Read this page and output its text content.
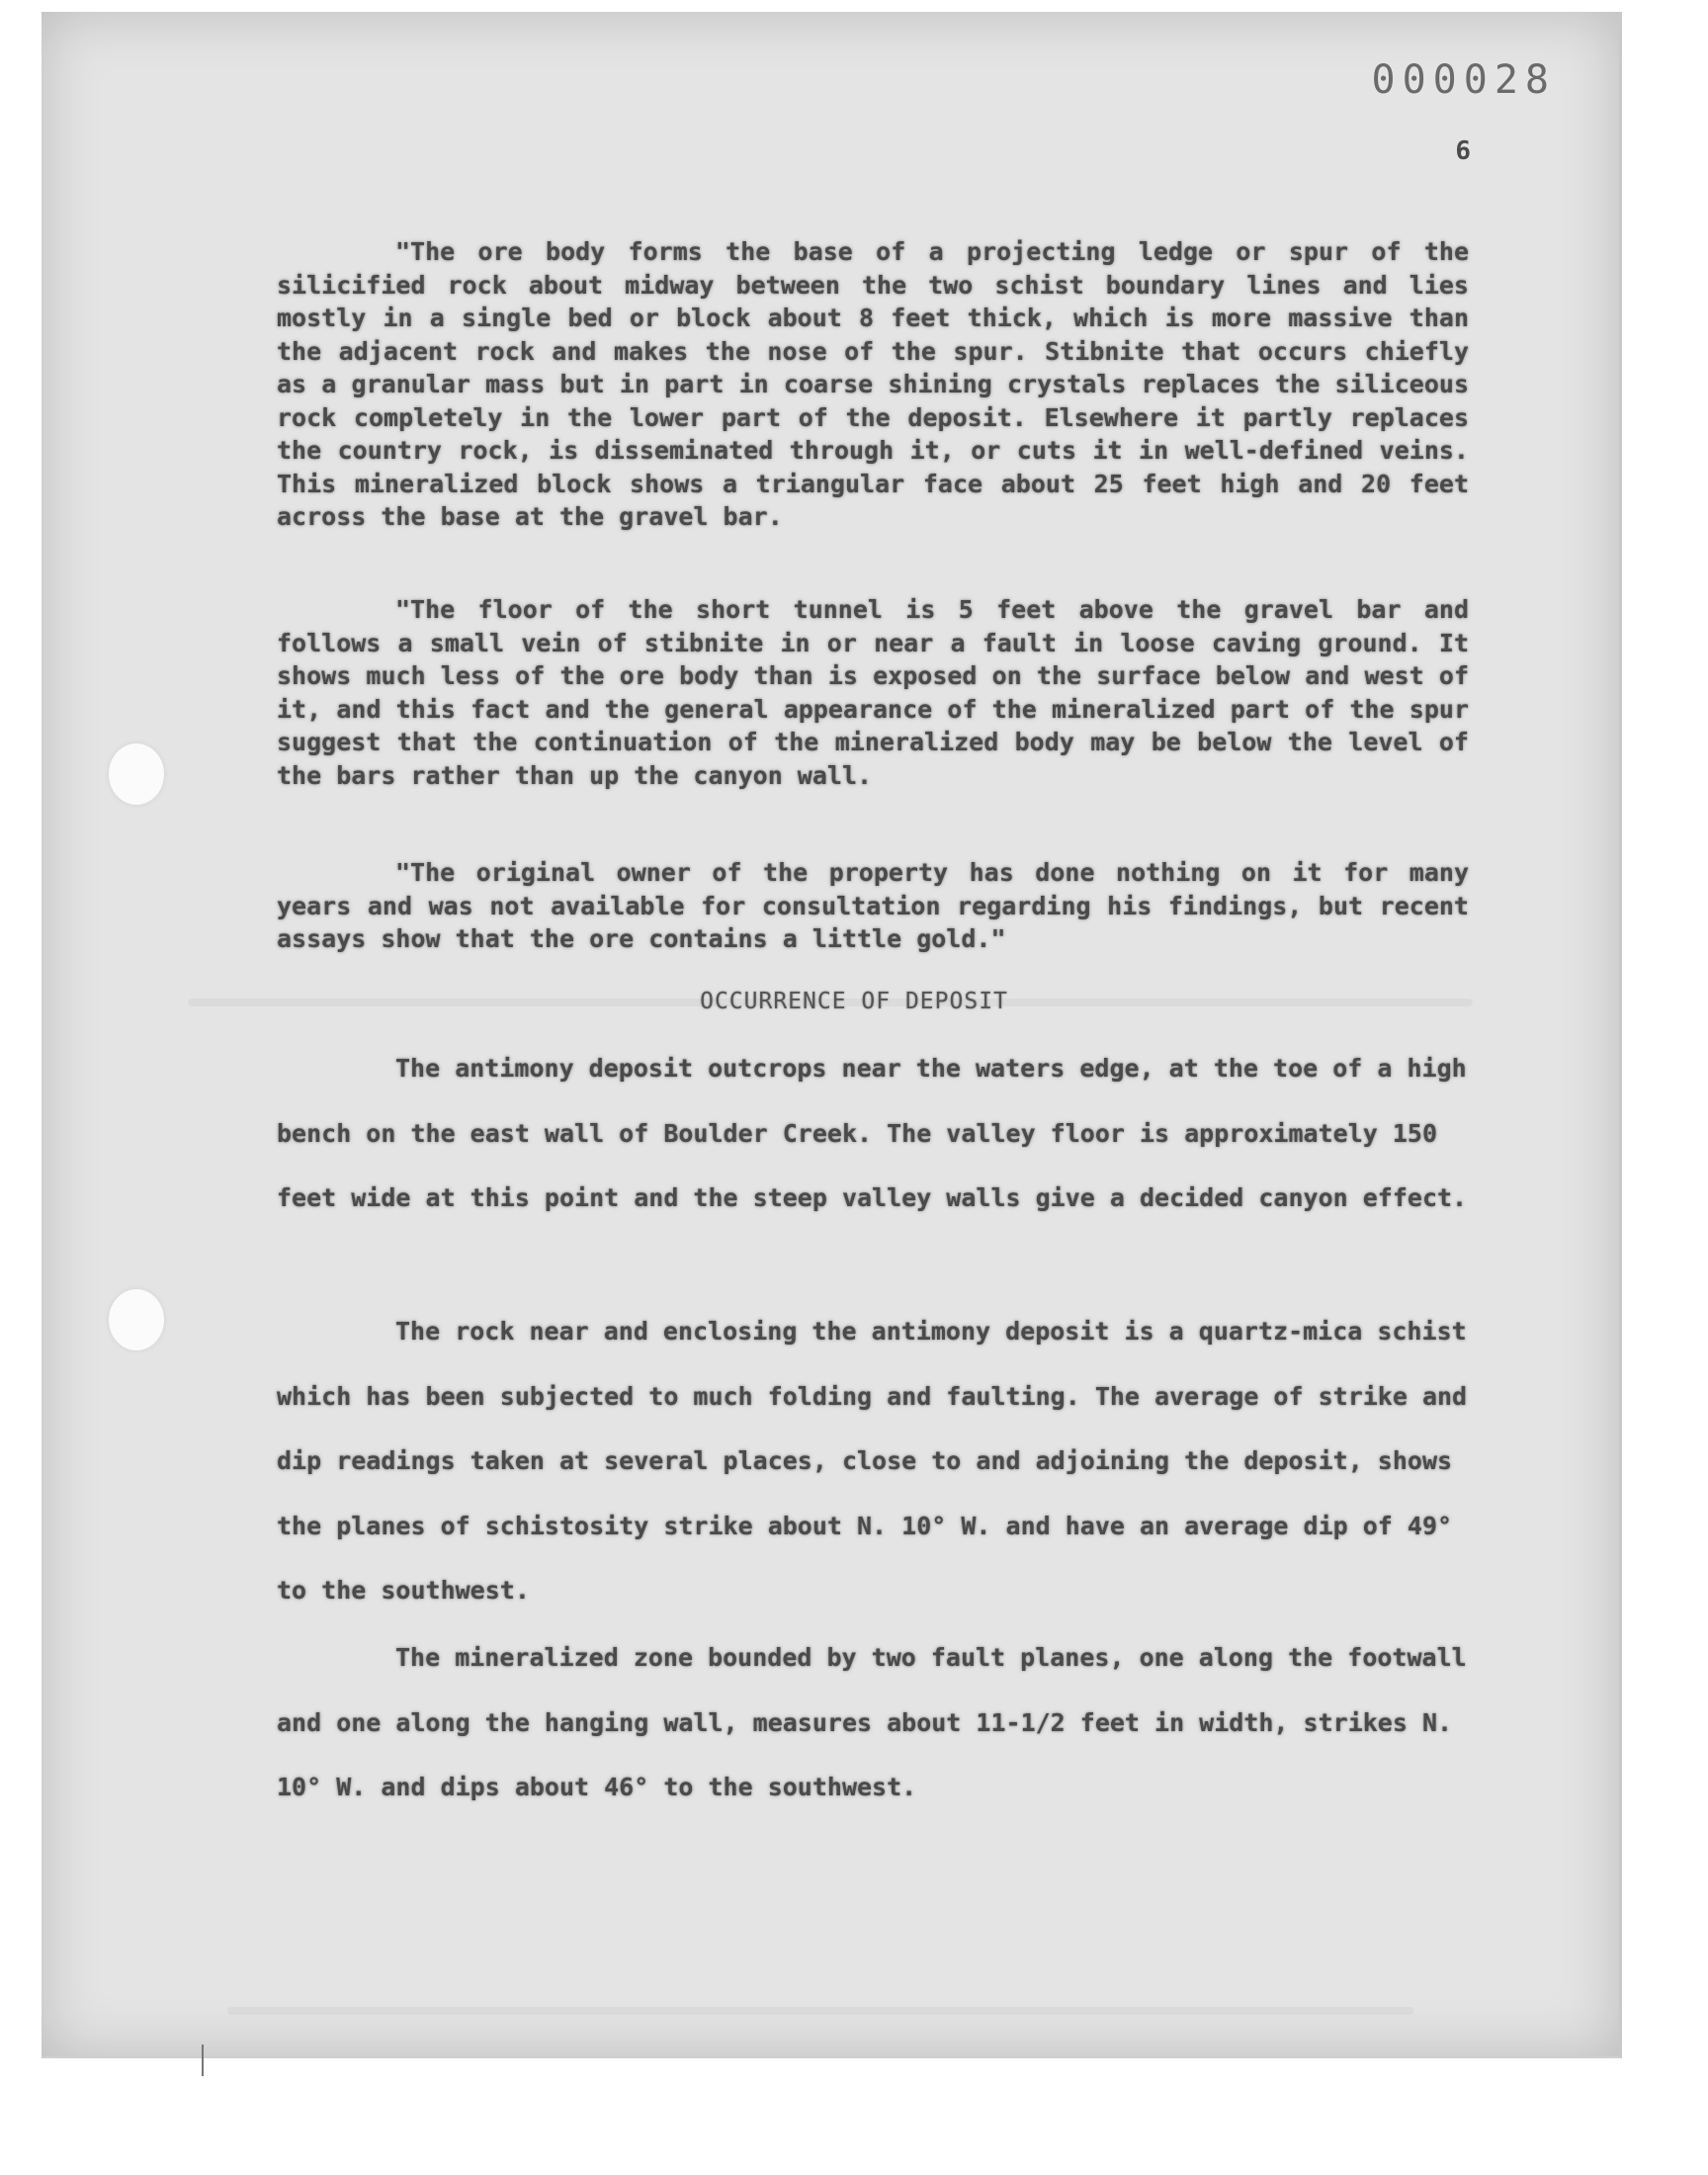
000028
6

"The ore body forms the base of a projecting ledge or spur of the silicified rock about midway between the two schist boundary lines and lies mostly in a single bed or block about 8 feet thick, which is more massive than the adjacent rock and makes the nose of the spur. Stibnite that occurs chiefly as a granular mass but in part in coarse shining crystals replaces the siliceous rock completely in the lower part of the deposit. Elsewhere it partly replaces the country rock, is disseminated through it, or cuts it in well-defined veins. This mineralized block shows a triangular face about 25 feet high and 20 feet across the base at the gravel bar.

"The floor of the short tunnel is 5 feet above the gravel bar and follows a small vein of stibnite in or near a fault in loose caving ground. It shows much less of the ore body than is exposed on the surface below and west of it, and this fact and the general appearance of the mineralized part of the spur suggest that the continuation of the mineralized body may be below the level of the bars rather than up the canyon wall.

"The original owner of the property has done nothing on it for many years and was not available for consultation regarding his findings, but recent assays show that the ore contains a little gold."

OCCURRENCE OF DEPOSIT

The antimony deposit outcrops near the waters edge, at the toe of a high bench on the east wall of Boulder Creek. The valley floor is approximately 150 feet wide at this point and the steep valley walls give a decided canyon effect.

The rock near and enclosing the antimony deposit is a quartz-mica schist which has been subjected to much folding and faulting. The average of strike and dip readings taken at several places, close to and adjoining the deposit, shows the planes of schistosity strike about N. 10° W. and have an average dip of 49° to the southwest.

The mineralized zone bounded by two fault planes, one along the footwall and one along the hanging wall, measures about 11-1/2 feet in width, strikes N. 10° W. and dips about 46° to the southwest.
